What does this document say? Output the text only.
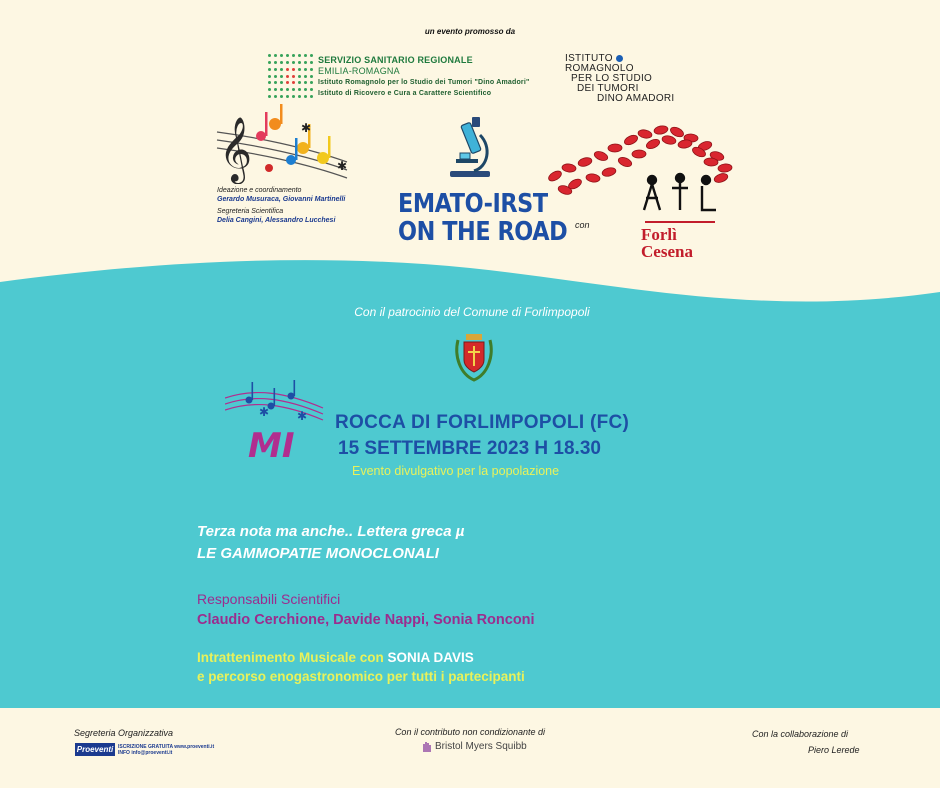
un evento promosso da
SERVIZIO SANITARIO REGIONALE
EMILIA-ROMAGNA
Istituto Romagnolo per lo Studio dei Tumori "Dino Amadori"
Istituto di Ricovero e Cura a Carattere Scientifico
ISTITUTO
ROMAGNOLO
PER LO STUDIO
DEI TUMORI
DINO AMADORI
𝄞	✱
✱
Ideazione e coordinamento
Gerardo Musuraca, Giovanni Martinelli
Segreteria Scientifica
Delia Cangini, Alessandro Lucchesi
EMATO-IRST
ON THE ROAD con
AIL
Forlì
Cesena
Con il patrocinio del Comune di Forlimpopoli
✱ ✱
MI
ROCCA DI FORLIMPOPOLI (FC)
15 SETTEMBRE 2023 H 18.30
Evento divulgativo per la popolazione
Terza nota ma anche.. Lettera greca µ
LE GAMMOPATIE MONOCLONALI
Responsabili Scientifici
Claudio Cerchione, Davide Nappi, Sonia Ronconi
Intrattenimento Musicale con SONIA DAVIS
e percorso enogastronomico per tutti i partecipanti
Segreteria Organizzativa
Proeventi ISCRIZIONE GRATUITA www.proeventi.it
INFO info@proeventi.it
Con il contributo non condizionante di
Bristol Myers Squibb
Con la collaborazione di
Piero Lerede
